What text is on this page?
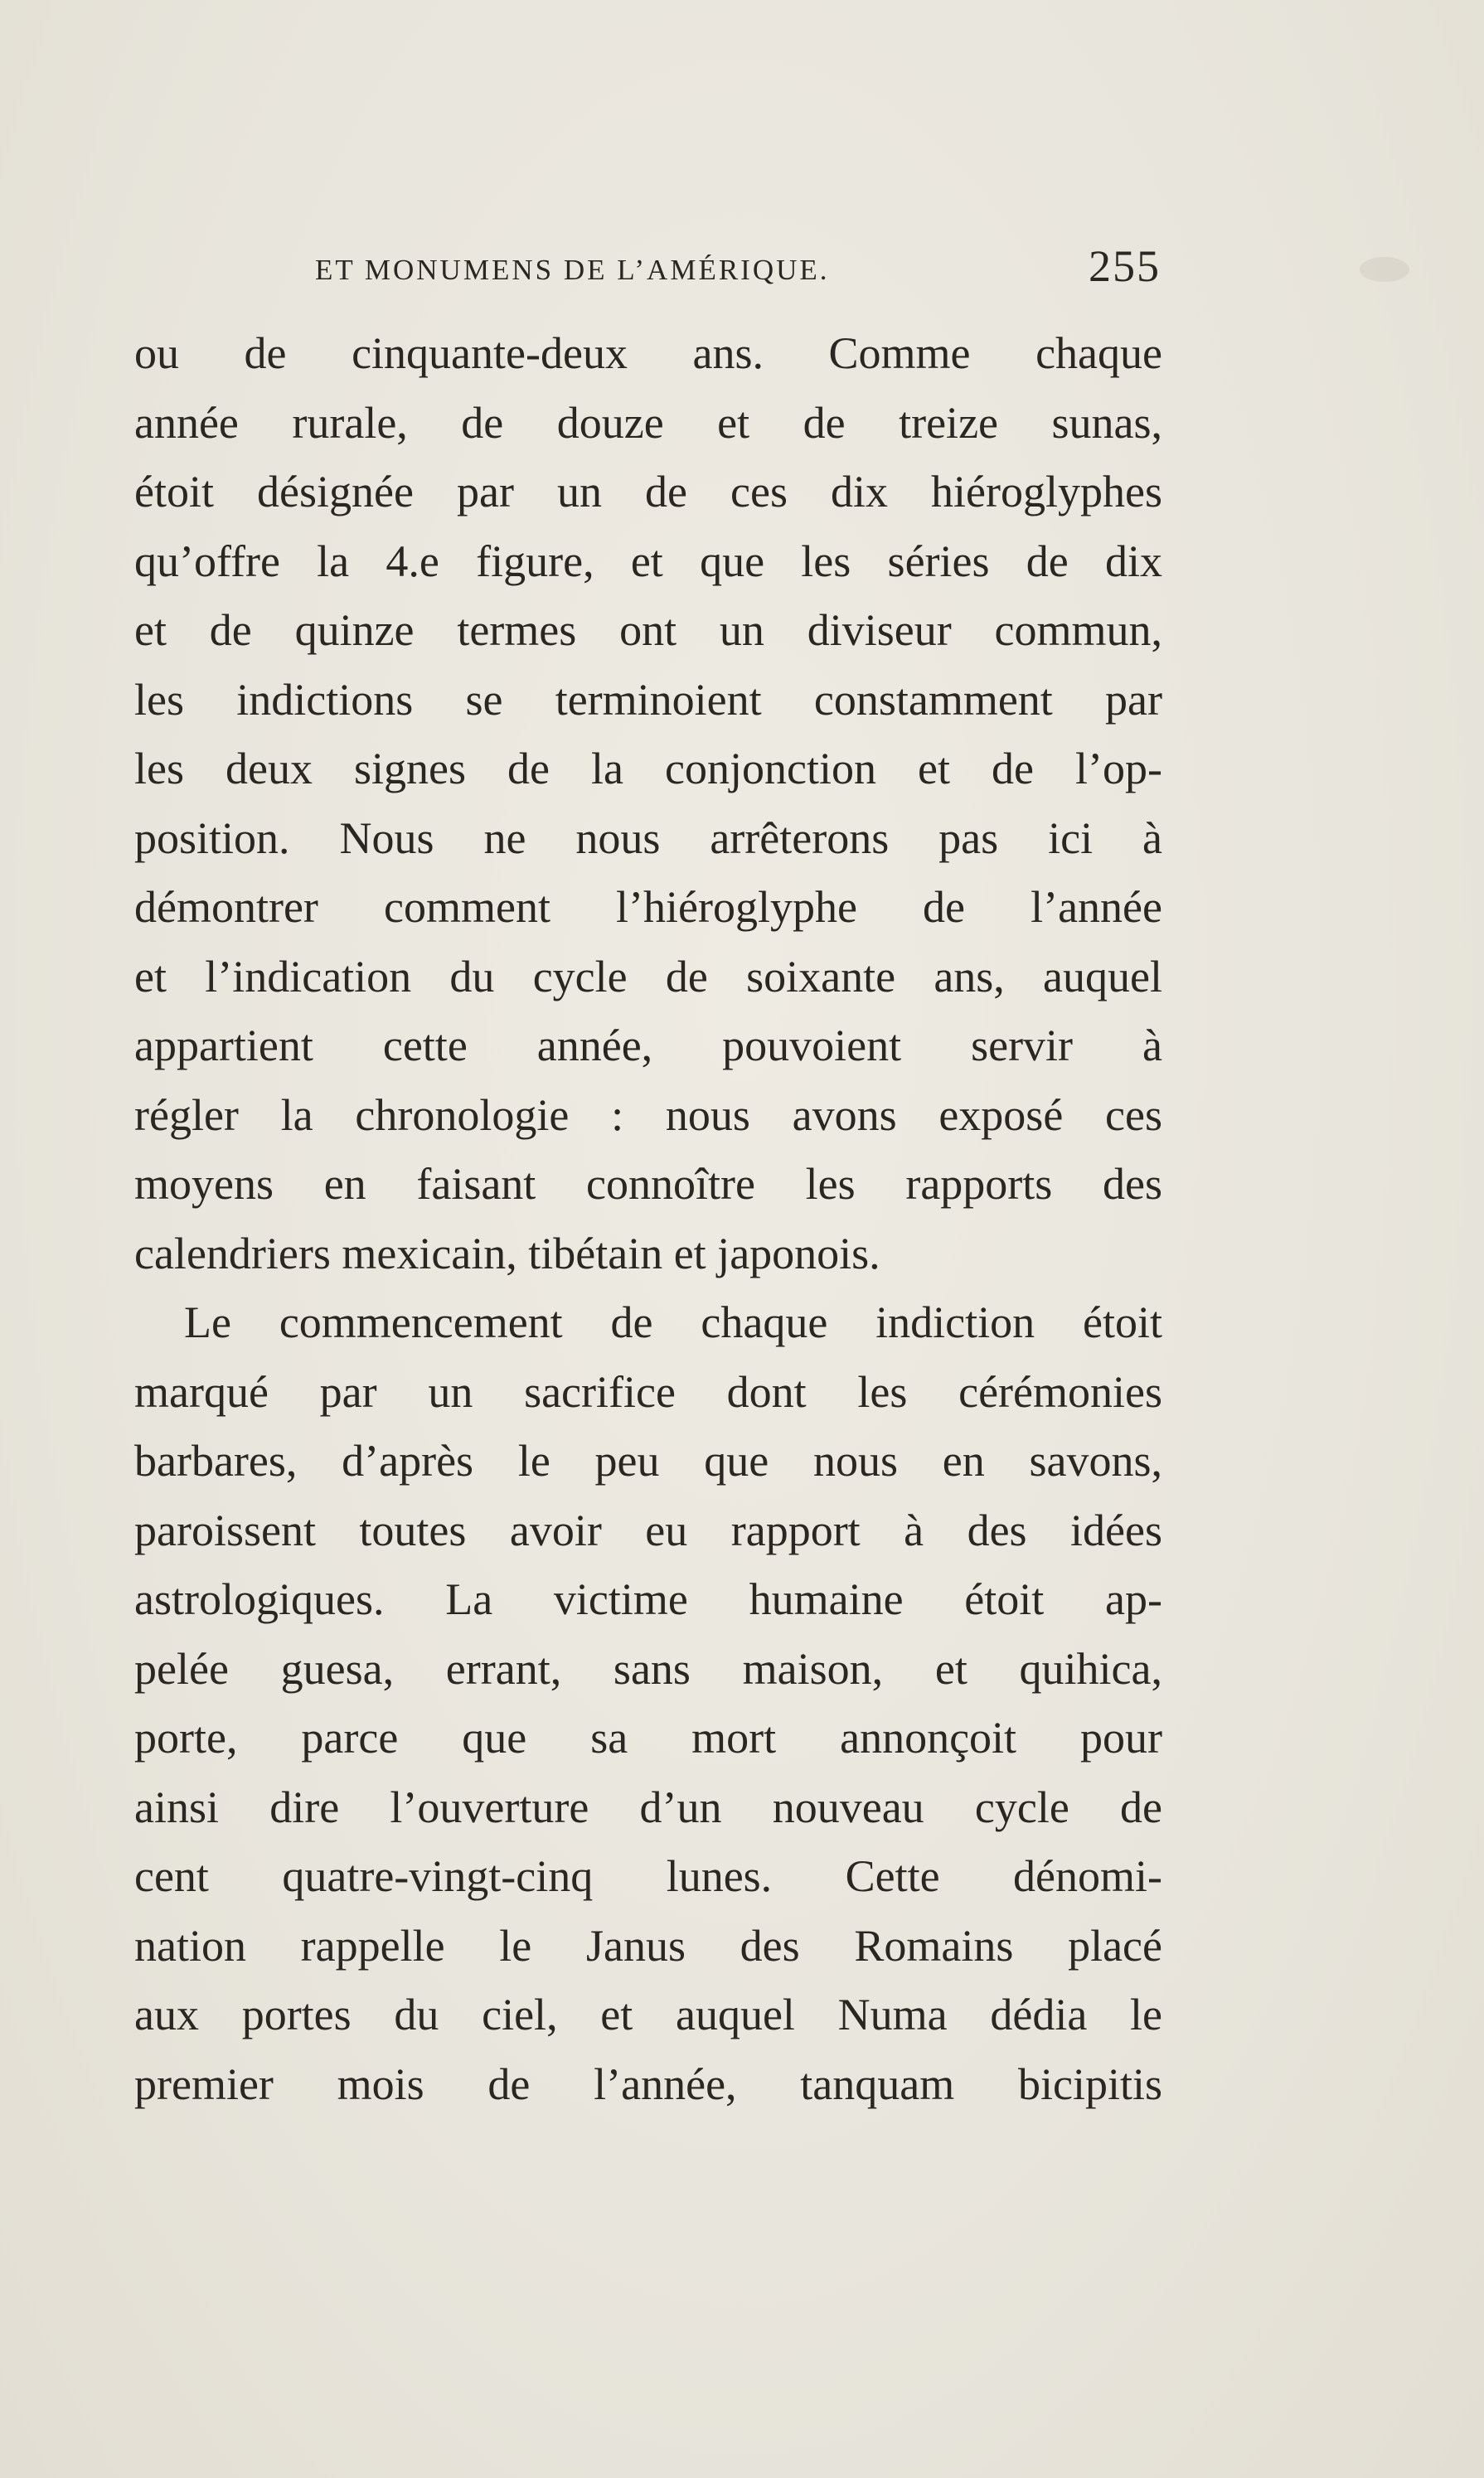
ET MONUMENS DE L’AMÉRIQUE.	255
ou de cinquante-deux ans. Comme chaque
année rurale, de douze et de treize sunas,
étoit désignée par un de ces dix hiéroglyphes
qu’offre la 4.e figure, et que les séries de dix
et de quinze termes ont un diviseur commun,
les indictions se terminoient constamment par
les deux signes de la conjonction et de l’op-
position. Nous ne nous arrêterons pas ici à
démontrer comment l’hiéroglyphe de l’année
et l’indication du cycle de soixante ans, auquel
appartient cette année, pouvoient servir à
régler la chronologie : nous avons exposé ces
moyens en faisant connoître les rapports des
calendriers mexicain, tibétain et japonois.
Le commencement de chaque indiction étoit
marqué par un sacrifice dont les cérémonies
barbares, d’après le peu que nous en savons,
paroissent toutes avoir eu rapport à des idées
astrologiques. La victime humaine étoit ap-
pelée guesa, errant, sans maison, et quihica,
porte, parce que sa mort annonçoit pour
ainsi dire l’ouverture d’un nouveau cycle de
cent quatre-vingt-cinq lunes. Cette dénomi-
nation rappelle le Janus des Romains placé
aux portes du ciel, et auquel Numa dédia le
premier mois de l’année, tanquam bicipitis
